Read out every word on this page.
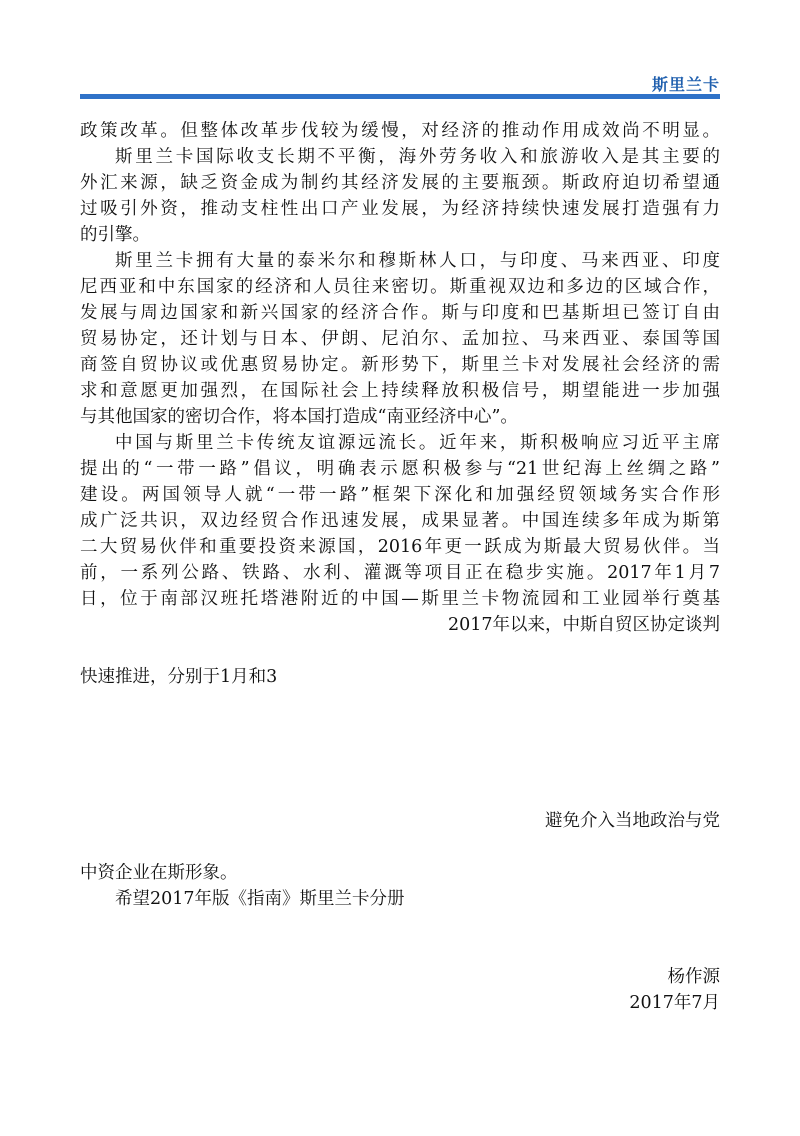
斯里兰卡
政策改革。但整体改革步伐较为缓慢，对经济的推动作用成效尚不明显。
斯里兰卡国际收支长期不平衡，海外劳务收入和旅游收入是其主要的
外汇来源，缺乏资金成为制约其经济发展的主要瓶颈。斯政府迫切希望通
过吸引外资，推动支柱性出口产业发展，为经济持续快速发展打造强有力
的引擎。
斯里兰卡拥有大量的泰米尔和穆斯林人口，与印度、马来西亚、印度
尼西亚和中东国家的经济和人员往来密切。斯重视双边和多边的区域合作，
发展与周边国家和新兴国家的经济合作。斯与印度和巴基斯坦已签订自由
贸易协定，还计划与日本、伊朗、尼泊尔、孟加拉、马来西亚、泰国等国
商签自贸协议或优惠贸易协定。新形势下，斯里兰卡对发展社会经济的需
求和意愿更加强烈，在国际社会上持续释放积极信号，期望能进一步加强
与其他国家的密切合作，将本国打造成“南亚经济中心”。
中国与斯里兰卡传统友谊源远流长。近年来，斯积极响应习近平主席
提出的“一带一路”倡议，明确表示愿积极参与“21世纪海上丝绸之路”
建设。两国领导人就“一带一路”框架下深化和加强经贸领域务实合作形
成广泛共识，双边经贸合作迅速发展，成果显著。中国连续多年成为斯第
二大贸易伙伴和重要投资来源国，2016年更一跃成为斯最大贸易伙伴。当
前，一系列公路、铁路、水利、灌溉等项目正在稳步实施。2017年1月7
日，位于南部汉班托塔港附近的中国—斯里兰卡物流园和工业园举行奠基
2017年以来，中斯自贸区协定谈判
快速推进，分别于1月和3
避免介入当地政治与党
中资企业在斯形象。
希望2017年版《指南》斯里兰卡分册
杨作源
2017年7月
